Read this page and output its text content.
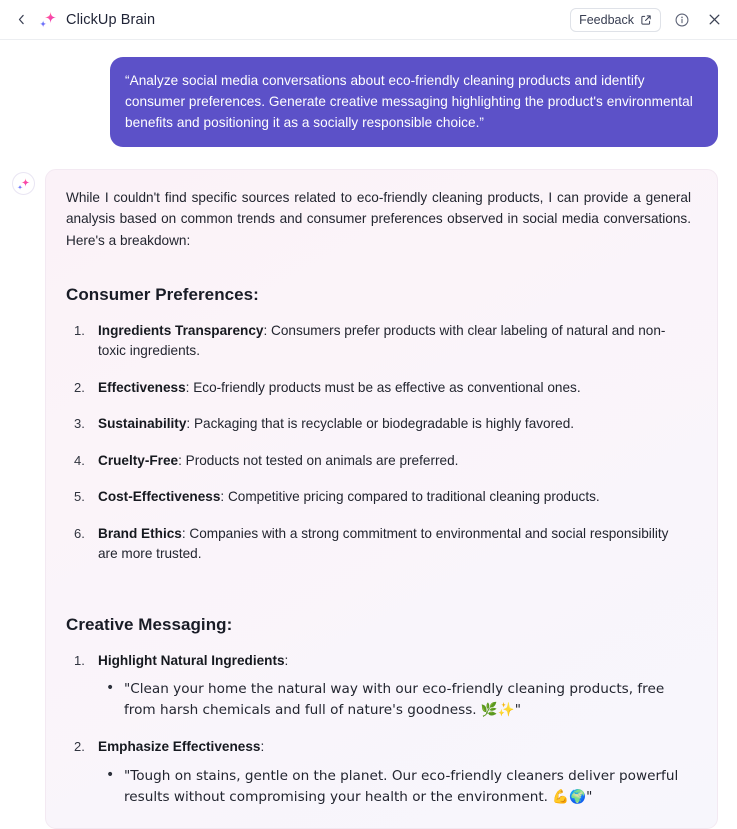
ClickUp Brain	Feedback
“Analyze social media conversations about eco-friendly cleaning products and identify consumer preferences. Generate creative messaging highlighting the product's environmental benefits and positioning it as a socially responsible choice.”

While I couldn't find specific sources related to eco-friendly cleaning products, I can provide a general analysis based on common trends and consumer preferences observed in social media conversations. Here's a breakdown:

Consumer Preferences:
Ingredients Transparency: Consumers prefer products with clear labeling of natural and non-toxic ingredients.
Effectiveness: Eco-friendly products must be as effective as conventional ones.
Sustainability: Packaging that is recyclable or biodegradable is highly favored.
Cruelty-Free: Products not tested on animals are preferred.
Cost-Effectiveness: Competitive pricing compared to traditional cleaning products.
Brand Ethics: Companies with a strong commitment to environmental and social responsibility are more trusted.
Creative Messaging:
Highlight Natural Ingredients:
• "Clean your home the natural way with our eco-friendly cleaning products, free from harsh chemicals and full of nature's goodness. 🌿✨"
Emphasize Effectiveness:
• "Tough on stains, gentle on the planet. Our eco-friendly cleaners deliver powerful results without compromising your health or the environment. 💪🌍"
